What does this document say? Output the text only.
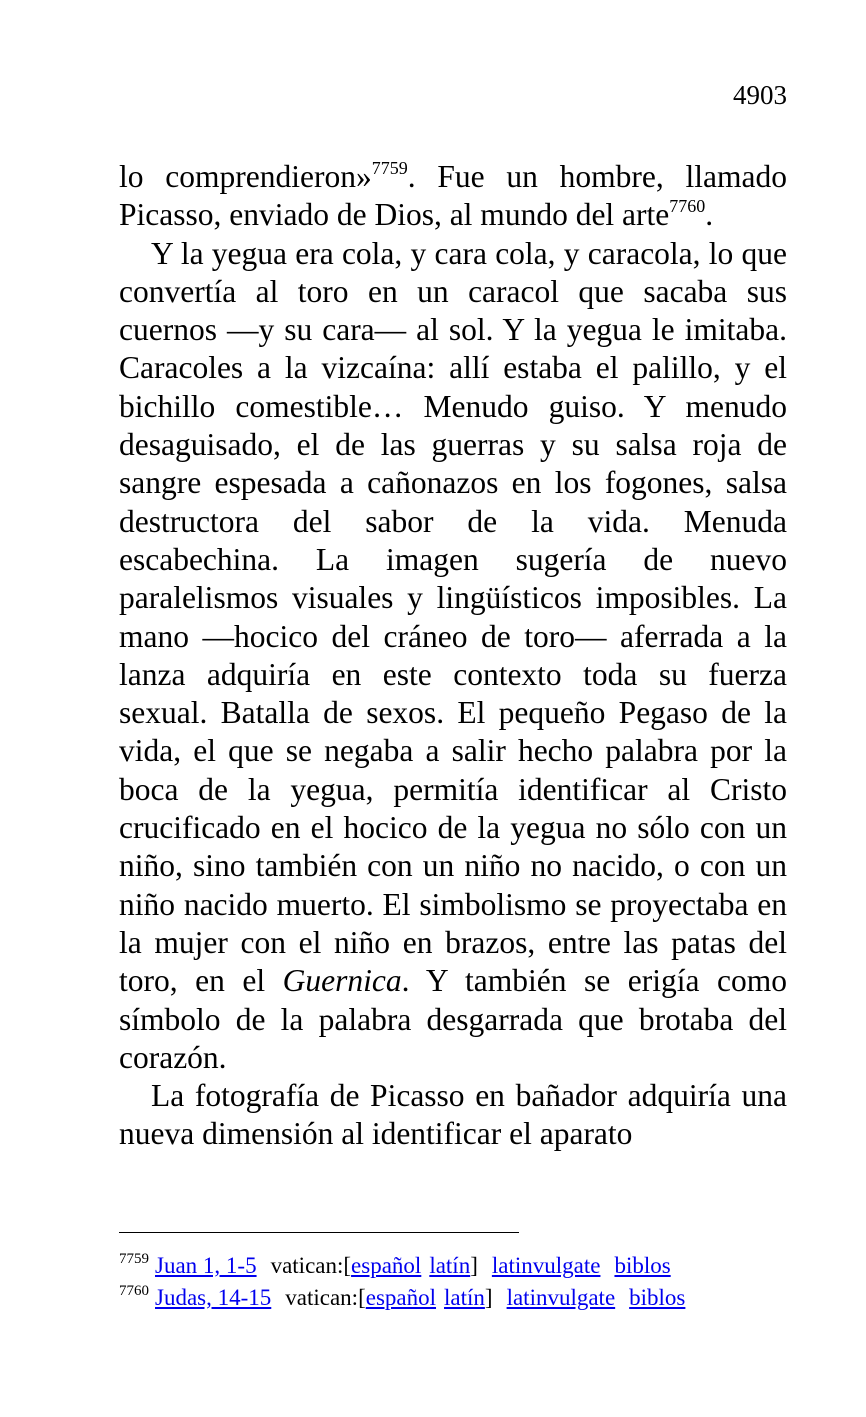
4903

lo comprendieron»$^{7759}$. Fue un hombre, llamado Picasso, enviado de Dios, al mundo del arte$^{7760}$.

Y la yegua era cola, y cara cola, y caracola, lo que convertía al toro en un caracol que sacaba sus cuernos —y su cara— al sol. Y la yegua le imitaba. Caracoles a la vizcaína: allí estaba el palillo, y el bichillo comestible… Menudo guiso. Y menudo desaguisado, el de las guerras y su salsa roja de sangre espesada a cañonazos en los fogones, salsa destructora del sabor de la vida. Menuda escabechina. La imagen sugería de nuevo paralelismos visuales y lingüísticos imposibles. La mano —hocico del cráneo de toro— aferrada a la lanza adquiría en este contexto toda su fuerza sexual. Batalla de sexos. El pequeño Pegaso de la vida, el que se negaba a salir hecho palabra por la boca de la yegua, permitía identificar al Cristo crucificado en el hocico de la yegua no sólo con un niño, sino también con un niño no nacido, o con un niño nacido muerto. El simbolismo se proyectaba en la mujer con el niño en brazos, entre las patas del toro, en el Guernica. Y también se erigía como símbolo de la palabra desgarrada que brotaba del corazón.

La fotografía de Picasso en bañador adquiría una nueva dimensión al identificar el aparato

$^{7759}$ Juan 1, 1-5 vatican:[español latín] latinvulgate biblos
$^{7760}$ Judas, 14-15 vatican:[español latín] latinvulgate biblos
